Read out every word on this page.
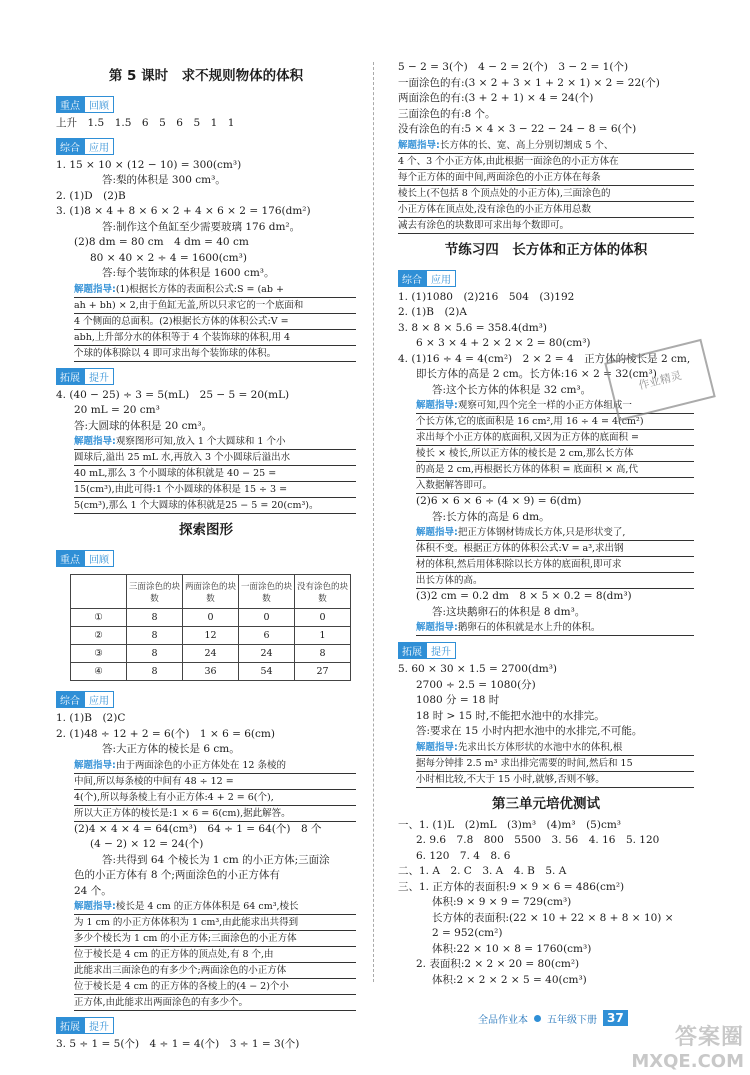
第 5 课时　求不规则物体的体积
重点 回顾
上升　1.5　1.5　6　5　6　5　1　1
综合 应用
1. 15 × 10 × (12 − 10) = 300(cm³)
答:梨的体积是 300 cm³。
2. (1)D　(2)B
3. (1)8 × 4 + 8 × 6 × 2 + 4 × 6 × 2 = 176(dm²)
答:制作这个鱼缸至少需要玻璃 176 dm²。
(2)8 dm = 80 cm　4 dm = 40 cm
80 × 40 × 2 ÷ 4 = 1600(cm³)
答:每个装饰球的体积是 1600 cm³。
解题指导:(1)根据长方体的表面积公式:S = (ab +
ah + bh) × 2,由于鱼缸无盖,所以只求它的一个底面和
4 个侧面的总面积。(2)根据长方体的体积公式:V =
abh,上升部分水的体积等于 4 个装饰球的体积,用 4
个球的体积除以 4 即可求出每个装饰球的体积。
拓展 提升
4. (40 − 25) ÷ 3 = 5(mL)　25 − 5 = 20(mL)
20 mL = 20 cm³
答:大圆球的体积是 20 cm³。
解题指导:观察图形可知,放入 1 个大圆球和 1 个小
圆球后,溢出 25 mL 水,再放入 3 个小圆球后溢出水
40 mL,那么 3 个小圆球的体积就是 40 − 25 =
15(cm³),由此可得:1 个小圆球的体积是 15 ÷ 3 =
5(cm³),那么 1 个大圆球的体积就是25 − 5 = 20(cm³)。
探索图形
重点 回顾
	三面涂色的块数	两面涂色的块数	一面涂色的块数	没有涂色的块数
①	8	0	0	0
②	8	12	6	1
③	8	24	24	8
④	8	36	54	27
综合 应用
1. (1)B　(2)C
2. (1)48 ÷ 12 + 2 = 6(个)　1 × 6 = 6(cm)
答:大正方体的棱长是 6 cm。
解题指导:由于两面涂色的小正方体处在 12 条棱的
中间,所以每条棱的中间有 48 ÷ 12 =
4(个),所以每条棱上有小正方体:4 + 2 = 6(个),
所以大正方体的棱长是:1 × 6 = 6(cm),据此解答。
(2)4 × 4 × 4 = 64(cm³)　64 ÷ 1 = 64(个)　8 个
(4 − 2) × 12 = 24(个)
答:共得到 64 个棱长为 1 cm 的小正方体;三面涂
色的小正方体有 8 个;两面涂色的小正方体有
24 个。
解题指导:棱长是 4 cm 的正方体体积是 64 cm³,棱长
为 1 cm 的小正方体体积为 1 cm³,由此能求出共得到
多少个棱长为 1 cm 的小正方体;三面涂色的小正方体
位于棱长是 4 cm 的正方体的顶点处,有 8 个,由
此能求出三面涂色的有多少个;两面涂色的小正方体
位于棱长是 4 cm 的正方体的各棱上的(4 − 2)个小
正方体,由此能求出两面涂色的有多少个。
拓展 提升
3. 5 ÷ 1 = 5(个)　4 ÷ 1 = 4(个)　3 ÷ 1 = 3(个)
5 − 2 = 3(个)　4 − 2 = 2(个)　3 − 2 = 1(个)
一面涂色的有:(3 × 2 + 3 × 1 + 2 × 1) × 2 = 22(个)
两面涂色的有:(3 + 2 + 1) × 4 = 24(个)
三面涂色的有:8 个。
没有涂色的有:5 × 4 × 3 − 22 − 24 − 8 = 6(个)
解题指导:长方体的长、宽、高上分别切割成 5 个、
4 个、3 个小正方体,由此根据一面涂色的小正方体在
每个正方体的面中间,两面涂色的小正方体在每条
棱长上(不包括 8 个顶点处的小正方体),三面涂色的
小正方体在顶点处,没有涂色的小正方体用总数
减去有涂色的块数即可求出每个数即可。
节练习四　长方体和正方体的体积
综合 应用
1. (1)1080　(2)216　504　(3)192
2. (1)B　(2)A
3. 8 × 8 × 5.6 = 358.4(dm³)
6 × 3 × 4 + 2 × 2 × 2 = 80(cm³)
4. (1)16 ÷ 4 = 4(cm²)　2 × 2 = 4　正方体的棱长是 2 cm,
即长方体的高是 2 cm。长方体:16 × 2 = 32(cm³)
答:这个长方体的体积是 32 cm³。
解题指导:观察可知,四个完全一样的小正方体组成一
个长方体,它的底面积是 16 cm²,用 16 ÷ 4 = 4(cm²)
求出每个小正方体的底面积,又因为正方体的底面积 =
棱长 × 棱长,所以正方体的棱长是 2 cm,那么长方体
的高是 2 cm,再根据长方体的体积 = 底面积 × 高,代
入数据解答即可。
(2)6 × 6 × 6 ÷ (4 × 9) = 6(dm)
答:长方体的高是 6 dm。
解题指导:把正方体钢材铸成长方体,只是形状变了,
体积不变。根据正方体的体积公式:V = a³,求出钢
材的体积,然后用体积除以长方体的底面积,即可求
出长方体的高。
(3)2 cm = 0.2 dm　8 × 5 × 0.2 = 8(dm³)
答:这块鹅卵石的体积是 8 dm³。
解题指导:鹅卵石的体积就是水上升的体积。
拓展 提升
5. 60 × 30 × 1.5 = 2700(dm³)
2700 ÷ 2.5 = 1080(分)
1080 分 = 18 时
18 时 > 15 时,不能把水池中的水排完。
答:要求在 15 小时内把水池中的水排完,不可能。
解题指导:先求出长方体形状的水池中水的体积,根
据每分钟排 2.5 m³ 求出排完需要的时间,然后和 15
小时相比较,不大于 15 小时,就够,否则不够。
第三单元培优测试
一、1. (1)L　(2)mL　(3)m³　(4)m³　(5)cm³
2. 9.6　7.8　800　5500　3. 56　4. 16　5. 120
6. 120　7. 4　8. 6
二、1. A　2. C　3. A　4. B　5. A
三、1. 正方体的表面积:9 × 9 × 6 = 486(cm²)
体积:9 × 9 × 9 = 729(cm³)
长方体的表面积:(22 × 10 + 22 × 8 + 8 × 10) ×
2 = 952(cm²)
体积:22 × 10 × 8 = 1760(cm³)
2. 表面积:2 × 2 × 20 = 80(cm²)
体积:2 × 2 × 2 × 5 = 40(cm³)
作业精灵
全品作业本 五年级下册 37
答案圈
MXQE.COM
